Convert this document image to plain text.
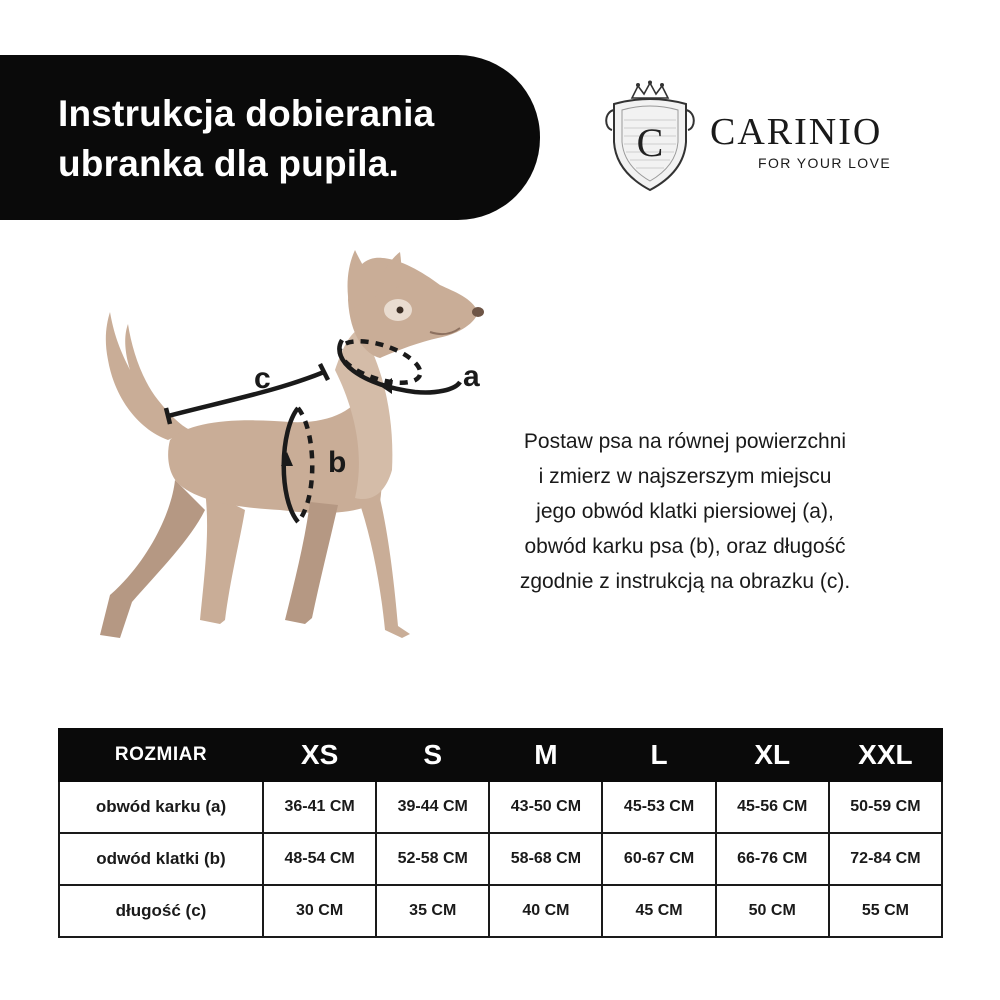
Instrukcja dobierania
ubranka dla pupila.	C CARINIO
FOR YOUR LOVE
a
b
c
Postaw psa na równej powierzchni
i zmierz w najszerszym miejscu
jego obwód klatki piersiowej (a),
obwód karku psa (b), oraz długość
zgodnie z instrukcją na obrazku (c).
ROZMIAR	XS	S	M	L	XL	XXL
obwód karku (a)	36-41 CM	39-44 CM	43-50 CM	45-53 CM	45-56 CM	50-59 CM
odwód klatki (b)	48-54 CM	52-58 CM	58-68 CM	60-67 CM	66-76 CM	72-84 CM
długość (c)	30 CM	35 CM	40 CM	45 CM	50 CM	55 CM
